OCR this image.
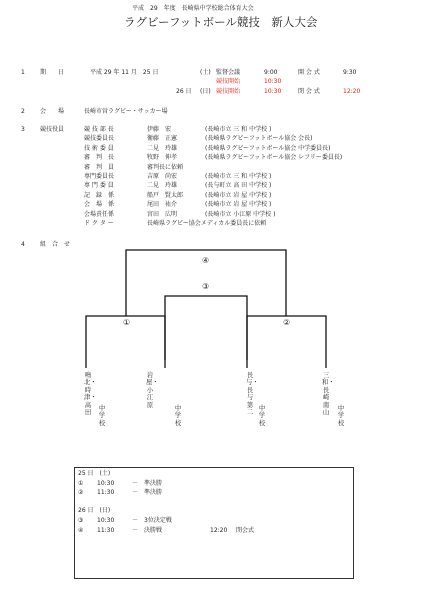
平成　29　年度　長崎県中学校総合体育大会
ラグビーフットボール競技　新人大会
1	期　　日	平成 29 年 11 月　25 日	(土) 監督会議	9:00	開 会 式	9:30
競技開始	10:30
26 日 (日) 競技開始	10:30	閉 会 式	12:20
2	会　　場	長崎市営ラグビー・サッカー場
3	競技役員	競 技 部 長	伊藤　宏	(長崎市立 三 和 中学校 )
競技委員長	衛藤　正憲	(長崎県ラグビーフットボール協会 会長)
技 術 委 員	二見　玲雄	(長崎県ラグビーフットボール協会 中学委員長)
審　判　長	牧野　伸孝	(長崎県ラグビーフットボール協会 レフリー委員長)
審　判　員	審判長に依頼
専門委員長	吉原　尚宏	(長崎市立 三 和 中学校 )
専 門 委 員	二見　玲雄	(長与町立 高 田 中学校 )
記　録　係	船戸　賢太郎	(長崎市立 岩 屋 中学校 )
会　場　係	尾田　祐介	(長崎市立 岩 屋 中学校 )
会場責任係	宮田　広明	(長崎市立 小江原 中学校 )
ド ク タ ー	長崎県ラグビー協会メディカル委員長に依頼
4	組　合　せ
④
③
①	②
鳴北・時津・高田
中学校
岩屋・小江原	中学校
長与・長与第二
中学校
三和・長崎南山
中学校
25 日　(土)
① 10:30	－　準決勝
② 11:30	－　準決勝
26 日　(日)
③ 10:30	－　3位決定戦
④ 11:30	－　決勝戦	12:20 閉会式
